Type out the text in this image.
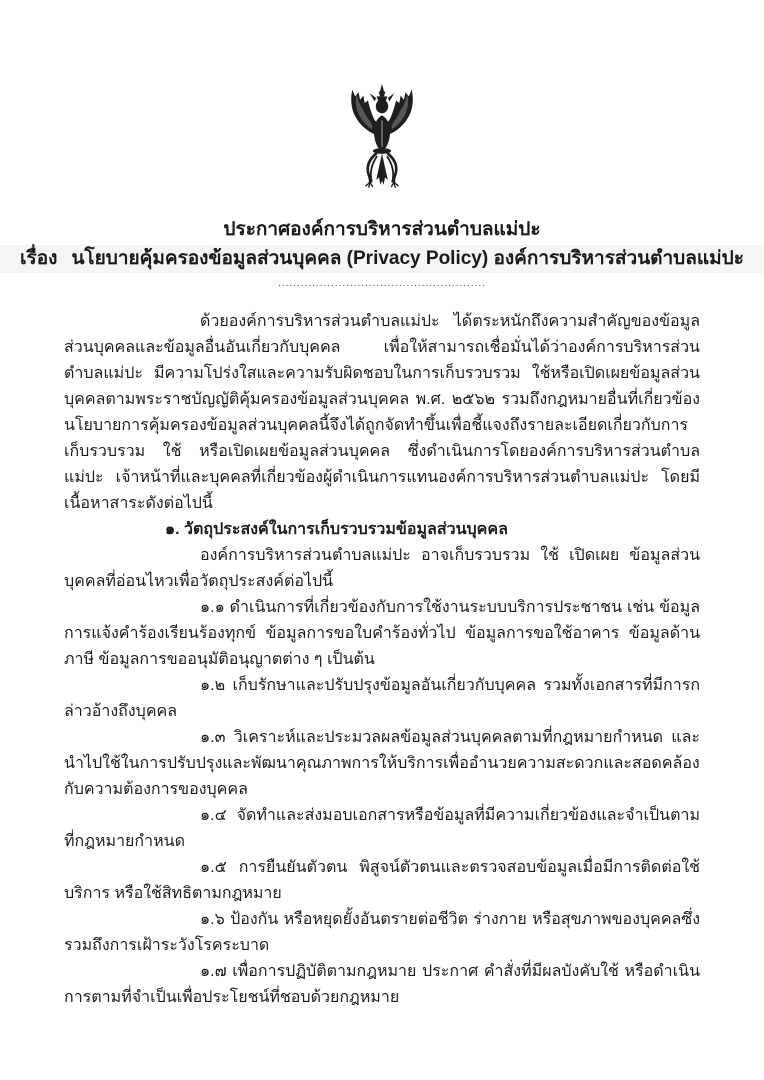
ประกาศองค์การบริหารส่วนตำบลแม่ปะ
เรื่อง นโยบายคุ้มครองข้อมูลส่วนบุคคล (Privacy Policy) องค์การบริหารส่วนตำบลแม่ปะ
.......................................................

ด้วยองค์การบริหารส่วนตำบลแม่ปะ ได้ตระหนักถึงความสำคัญของข้อมูลส่วนบุคคลและข้อมูลอื่นอันเกี่ยวกับบุคคล เพื่อให้สามารถเชื่อมั่นได้ว่าองค์การบริหารส่วนตำบลแม่ปะ มีความโปร่งใสและความรับผิดชอบในการเก็บรวบรวม ใช้หรือเปิดเผยข้อมูลส่วนบุคคลตามพระราชบัญญัติคุ้มครองข้อมูลส่วนบุคคล พ.ศ. ๒๕๖๒ รวมถึงกฎหมายอื่นที่เกี่ยวข้อง นโยบายการคุ้มครองข้อมูลส่วนบุคคลนี้จึงได้ถูกจัดทำขึ้นเพื่อชี้แจงถึงรายละเอียดเกี่ยวกับการเก็บรวบรวม ใช้ หรือเปิดเผยข้อมูลส่วนบุคคล ซึ่งดำเนินการโดยองค์การบริหารส่วนตำบลแม่ปะ เจ้าหน้าที่และบุคคลที่เกี่ยวข้องผู้ดำเนินการแทนองค์การบริหารส่วนตำบลแม่ปะ โดยมีเนื้อหาสาระดังต่อไปนี้

๑. วัตถุประสงค์ในการเก็บรวบรวมข้อมูลส่วนบุคคล

องค์การบริหารส่วนตำบลแม่ปะ อาจเก็บรวบรวม ใช้ เปิดเผย ข้อมูลส่วนบุคคลที่อ่อนไหวเพื่อวัตถุประสงค์ต่อไปนี้

๑.๑ ดำเนินการที่เกี่ยวข้องกับการใช้งานระบบบริการประชาชน เช่น ข้อมูลการแจ้งคำร้องเรียนร้องทุกข์ ข้อมูลการขอใบคำร้องทั่วไป ข้อมูลการขอใช้อาคาร ข้อมูลด้านภาษี ข้อมูลการขออนุมัติอนุญาตต่าง ๆ เป็นต้น

๑.๒ เก็บรักษาและปรับปรุงข้อมูลอันเกี่ยวกับบุคคล รวมทั้งเอกสารที่มีการกล่าวอ้างถึงบุคคล

๑.๓ วิเคราะห์และประมวลผลข้อมูลส่วนบุคคลตามที่กฎหมายกำหนด และนำไปใช้ในการปรับปรุงและพัฒนาคุณภาพการให้บริการเพื่ออำนวยความสะดวกและสอดคล้องกับความต้องการของบุคคล

๑.๔ จัดทำและส่งมอบเอกสารหรือข้อมูลที่มีความเกี่ยวข้องและจำเป็นตามที่กฎหมายกำหนด

๑.๕ การยืนยันตัวตน พิสูจน์ตัวตนและตรวจสอบข้อมูลเมื่อมีการติดต่อใช้บริการ หรือใช้สิทธิตามกฎหมาย

๑.๖ ป้องกัน หรือหยุดยั้งอันตรายต่อชีวิต ร่างกาย หรือสุขภาพของบุคคลซึ่งรวมถึงการเฝ้าระวังโรคระบาด

๑.๗ เพื่อการปฏิบัติตามกฎหมาย ประกาศ คำสั่งที่มีผลบังคับใช้ หรือดำเนินการตามที่จำเป็นเพื่อประโยชน์ที่ชอบด้วยกฎหมาย
